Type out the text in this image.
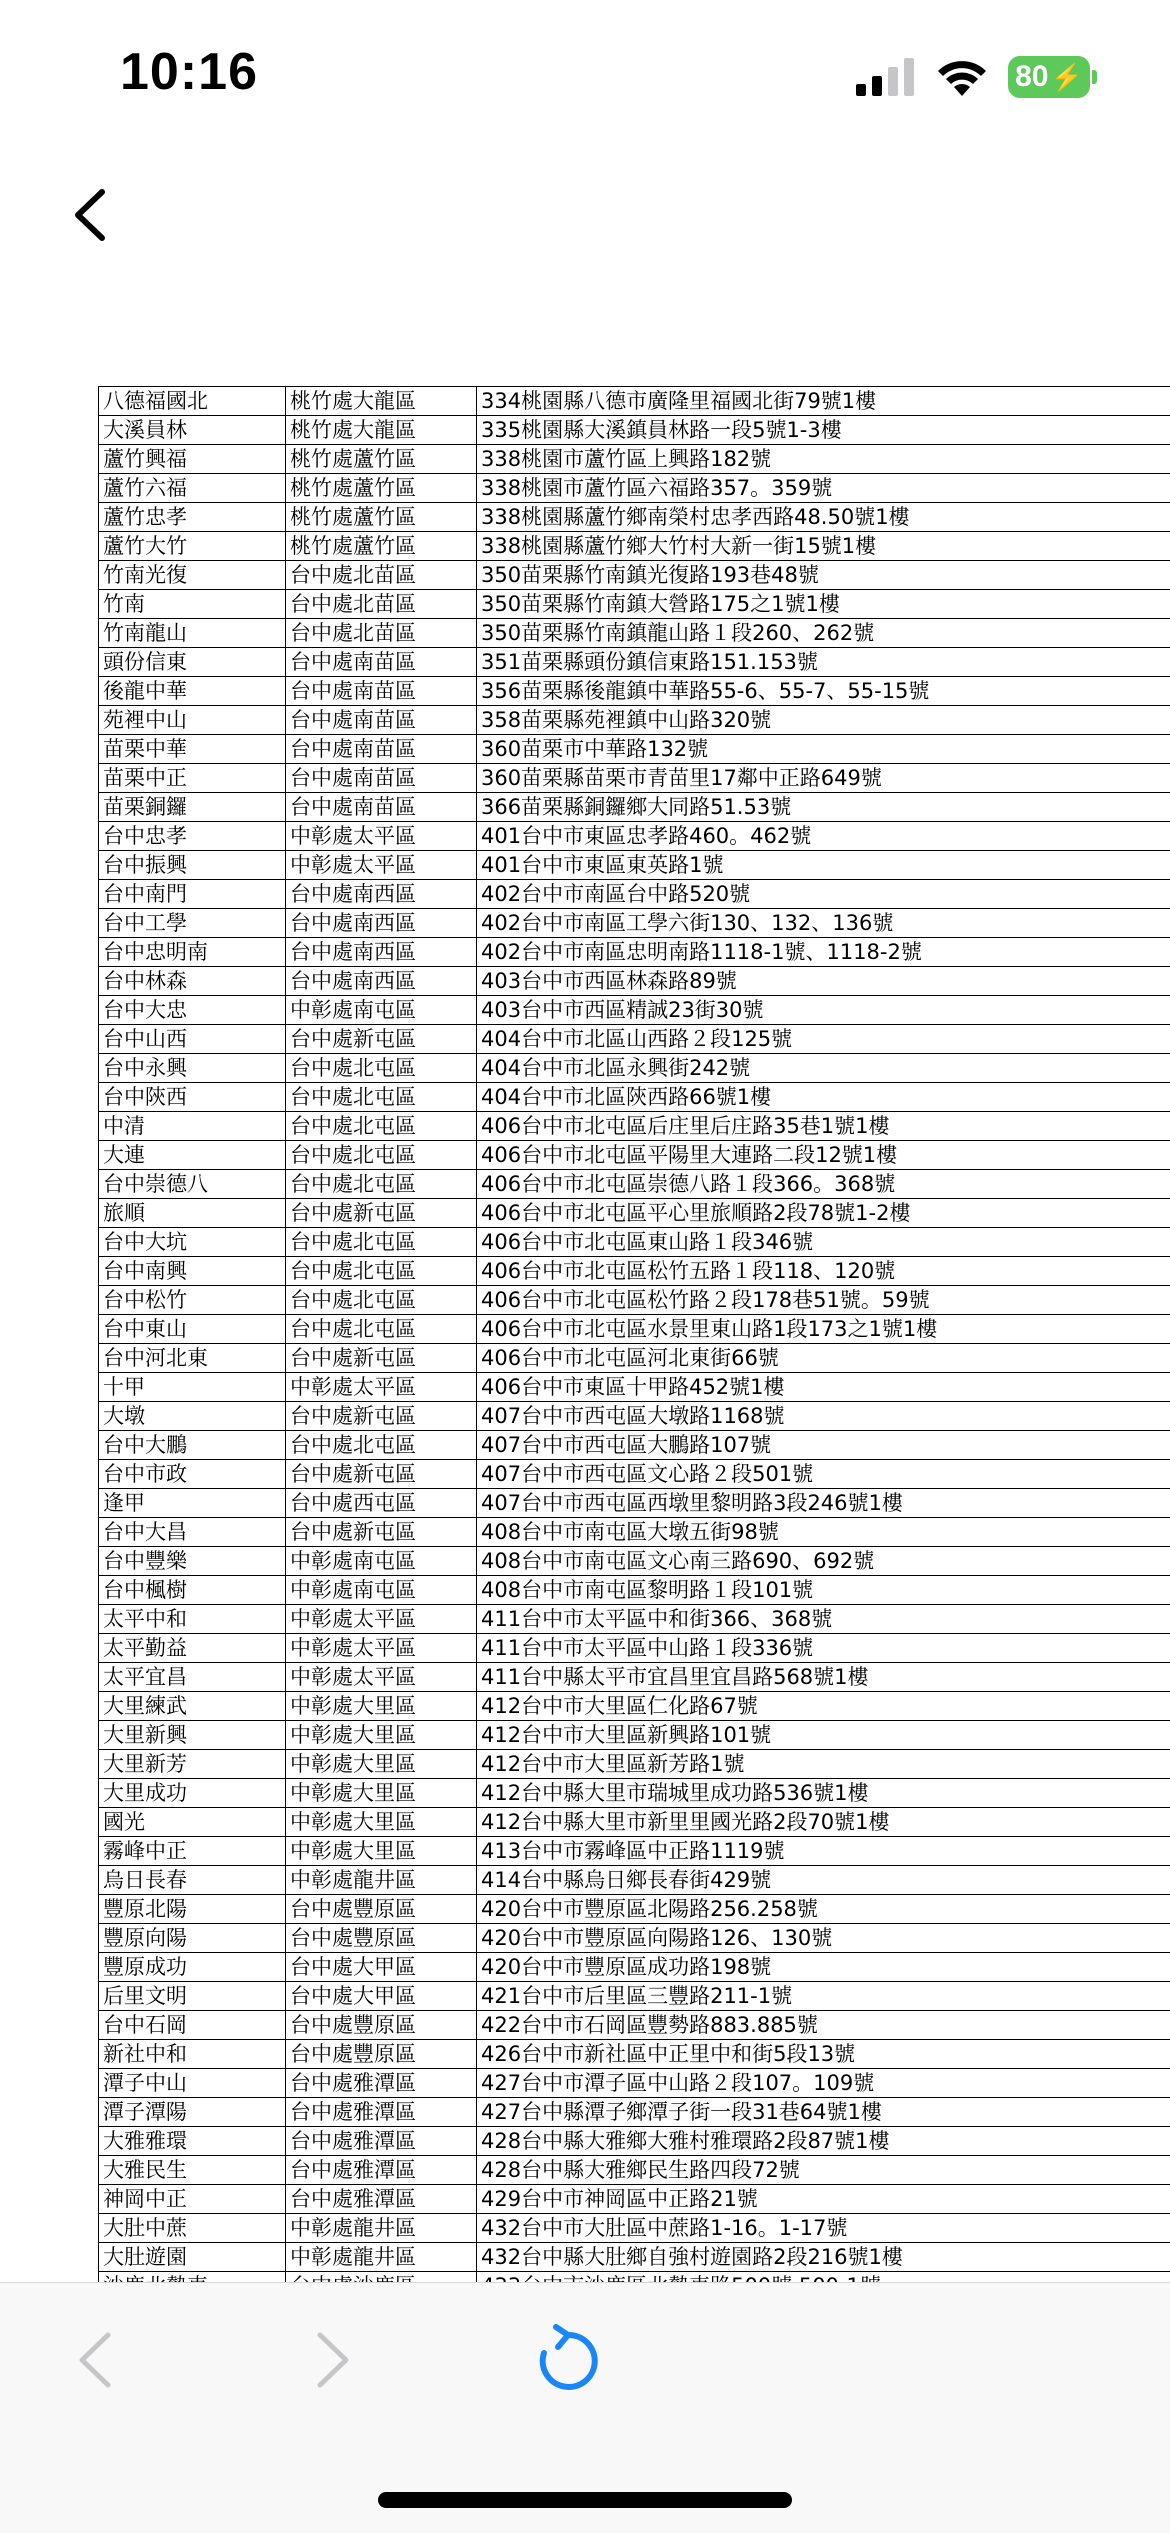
10:16	80 ⚡
八德福國北	桃竹處大龍區	334桃園縣八德市廣隆里福國北街79號1樓
大溪員林	桃竹處大龍區	335桃園縣大溪鎮員林路一段5號1-3樓
蘆竹興福	桃竹處蘆竹區	338桃園市蘆竹區上興路182號
蘆竹六福	桃竹處蘆竹區	338桃園市蘆竹區六福路357。359號
蘆竹忠孝	桃竹處蘆竹區	338桃園縣蘆竹鄉南榮村忠孝西路48.50號1樓
蘆竹大竹	桃竹處蘆竹區	338桃園縣蘆竹鄉大竹村大新一街15號1樓
竹南光復	台中處北苗區	350苗栗縣竹南鎮光復路193巷48號
竹南	台中處北苗區	350苗栗縣竹南鎮大營路175之1號1樓
竹南龍山	台中處北苗區	350苗栗縣竹南鎮龍山路１段260、262號
頭份信東	台中處南苗區	351苗栗縣頭份鎮信東路151.153號
後龍中華	台中處南苗區	356苗栗縣後龍鎮中華路55-6、55-7、55-15號
苑裡中山	台中處南苗區	358苗栗縣苑裡鎮中山路320號
苗栗中華	台中處南苗區	360苗栗市中華路132號
苗栗中正	台中處南苗區	360苗栗縣苗栗市青苗里17鄰中正路649號
苗栗銅鑼	台中處南苗區	366苗栗縣銅鑼鄉大同路51.53號
台中忠孝	中彰處太平區	401台中市東區忠孝路460。462號
台中振興	中彰處太平區	401台中市東區東英路1號
台中南門	台中處南西區	402台中市南區台中路520號
台中工學	台中處南西區	402台中市南區工學六街130、132、136號
台中忠明南	台中處南西區	402台中市南區忠明南路1118-1號、1118-2號
台中林森	台中處南西區	403台中市西區林森路89號
台中大忠	中彰處南屯區	403台中市西區精誠23街30號
台中山西	台中處新屯區	404台中市北區山西路２段125號
台中永興	台中處北屯區	404台中市北區永興街242號
台中陝西	台中處北屯區	404台中市北區陝西路66號1樓
中清	台中處北屯區	406台中市北屯區后庄里后庄路35巷1號1樓
大連	台中處北屯區	406台中市北屯區平陽里大連路二段12號1樓
台中崇德八	台中處北屯區	406台中市北屯區崇德八路１段366。368號
旅順	台中處新屯區	406台中市北屯區平心里旅順路2段78號1-2樓
台中大坑	台中處北屯區	406台中市北屯區東山路１段346號
台中南興	台中處北屯區	406台中市北屯區松竹五路１段118、120號
台中松竹	台中處北屯區	406台中市北屯區松竹路２段178巷51號。59號
台中東山	台中處北屯區	406台中市北屯區水景里東山路1段173之1號1樓
台中河北東	台中處新屯區	406台中市北屯區河北東街66號
十甲	中彰處太平區	406台中市東區十甲路452號1樓
大墩	台中處新屯區	407台中市西屯區大墩路1168號
台中大鵬	台中處北屯區	407台中市西屯區大鵬路107號
台中市政	台中處新屯區	407台中市西屯區文心路２段501號
逢甲	台中處西屯區	407台中市西屯區西墩里黎明路3段246號1樓
台中大昌	台中處新屯區	408台中市南屯區大墩五街98號
台中豐樂	中彰處南屯區	408台中市南屯區文心南三路690、692號
台中楓樹	中彰處南屯區	408台中市南屯區黎明路１段101號
太平中和	中彰處太平區	411台中市太平區中和街366、368號
太平勤益	中彰處太平區	411台中市太平區中山路１段336號
太平宜昌	中彰處太平區	411台中縣太平市宜昌里宜昌路568號1樓
大里練武	中彰處大里區	412台中市大里區仁化路67號
大里新興	中彰處大里區	412台中市大里區新興路101號
大里新芳	中彰處大里區	412台中市大里區新芳路1號
大里成功	中彰處大里區	412台中縣大里市瑞城里成功路536號1樓
國光	中彰處大里區	412台中縣大里市新里里國光路2段70號1樓
霧峰中正	中彰處大里區	413台中市霧峰區中正路1119號
烏日長春	中彰處龍井區	414台中縣烏日鄉長春街429號
豐原北陽	台中處豐原區	420台中市豐原區北陽路256.258號
豐原向陽	台中處豐原區	420台中市豐原區向陽路126、130號
豐原成功	台中處大甲區	420台中市豐原區成功路198號
后里文明	台中處大甲區	421台中市后里區三豐路211-1號
台中石岡	台中處豐原區	422台中市石岡區豐勢路883.885號
新社中和	台中處豐原區	426台中市新社區中正里中和街5段13號
潭子中山	台中處雅潭區	427台中市潭子區中山路２段107。109號
潭子潭陽	台中處雅潭區	427台中縣潭子鄉潭子街一段31巷64號1樓
大雅雅環	台中處雅潭區	428台中縣大雅鄉大雅村雅環路2段87號1樓
大雅民生	台中處雅潭區	428台中縣大雅鄉民生路四段72號
神岡中正	台中處雅潭區	429台中市神岡區中正路21號
大肚中蔗	中彰處龍井區	432台中市大肚區中蔗路1-16。1-17號
大肚遊園	中彰處龍井區	432台中縣大肚鄉自強村遊園路2段216號1樓
